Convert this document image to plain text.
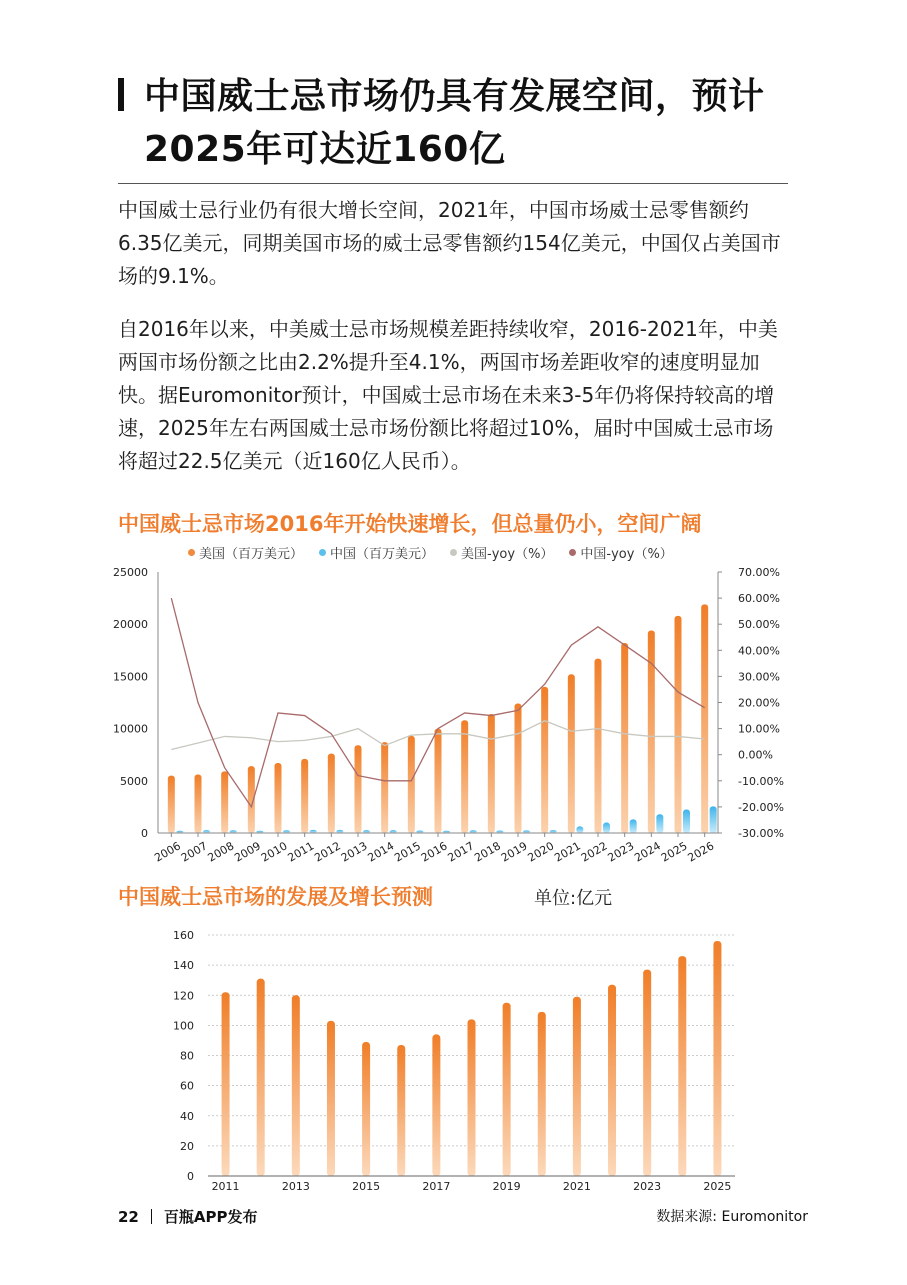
中国威士忌市场仍具有发展空间，预计2025年可达近160亿
中国威士忌行业仍有很大增长空间，2021年，中国市场威士忌零售额约6.35亿美元，同期美国市场的威士忌零售额约154亿美元，中国仅占美国市场的9.1%。
自2016年以来，中美威士忌市场规模差距持续收窄，2016-2021年，中美两国市场份额之比由2.2%提升至4.1%，两国市场差距收窄的速度明显加快。据Euromonitor预计，中国威士忌市场在未来3-5年仍将保持较高的增速，2025年左右两国威士忌市场份额比将超过10%，届时中国威士忌市场将超过22.5亿美元（近160亿人民币）。
中国威士忌市场2016年开始快速增长，但总量仍小，空间广阔
美国（百万美元） 中国（百万美元） 美国-yoy（%） 中国-yoy（%）
25000
20000
15000
10000
5000
0
70.00%
60.00%
50.00%
40.00%
30.00%
20.00%
10.00%
0.00%
-10.00%
-20.00%
-30.00%
2006
2007
2008
2009
2010
2011
2012
2013
2014
2015
2016
2017
2018
2019
2020
2021
2022
2023
2024
2025
2026
中国威士忌市场的发展及增长预测	单位:亿元
160
140
120
100
80
60
40
20
0
2011	2013	2015	2017	2019	2021	2023	2025
22 百瓶APP发布	数据来源: Euromonitor
